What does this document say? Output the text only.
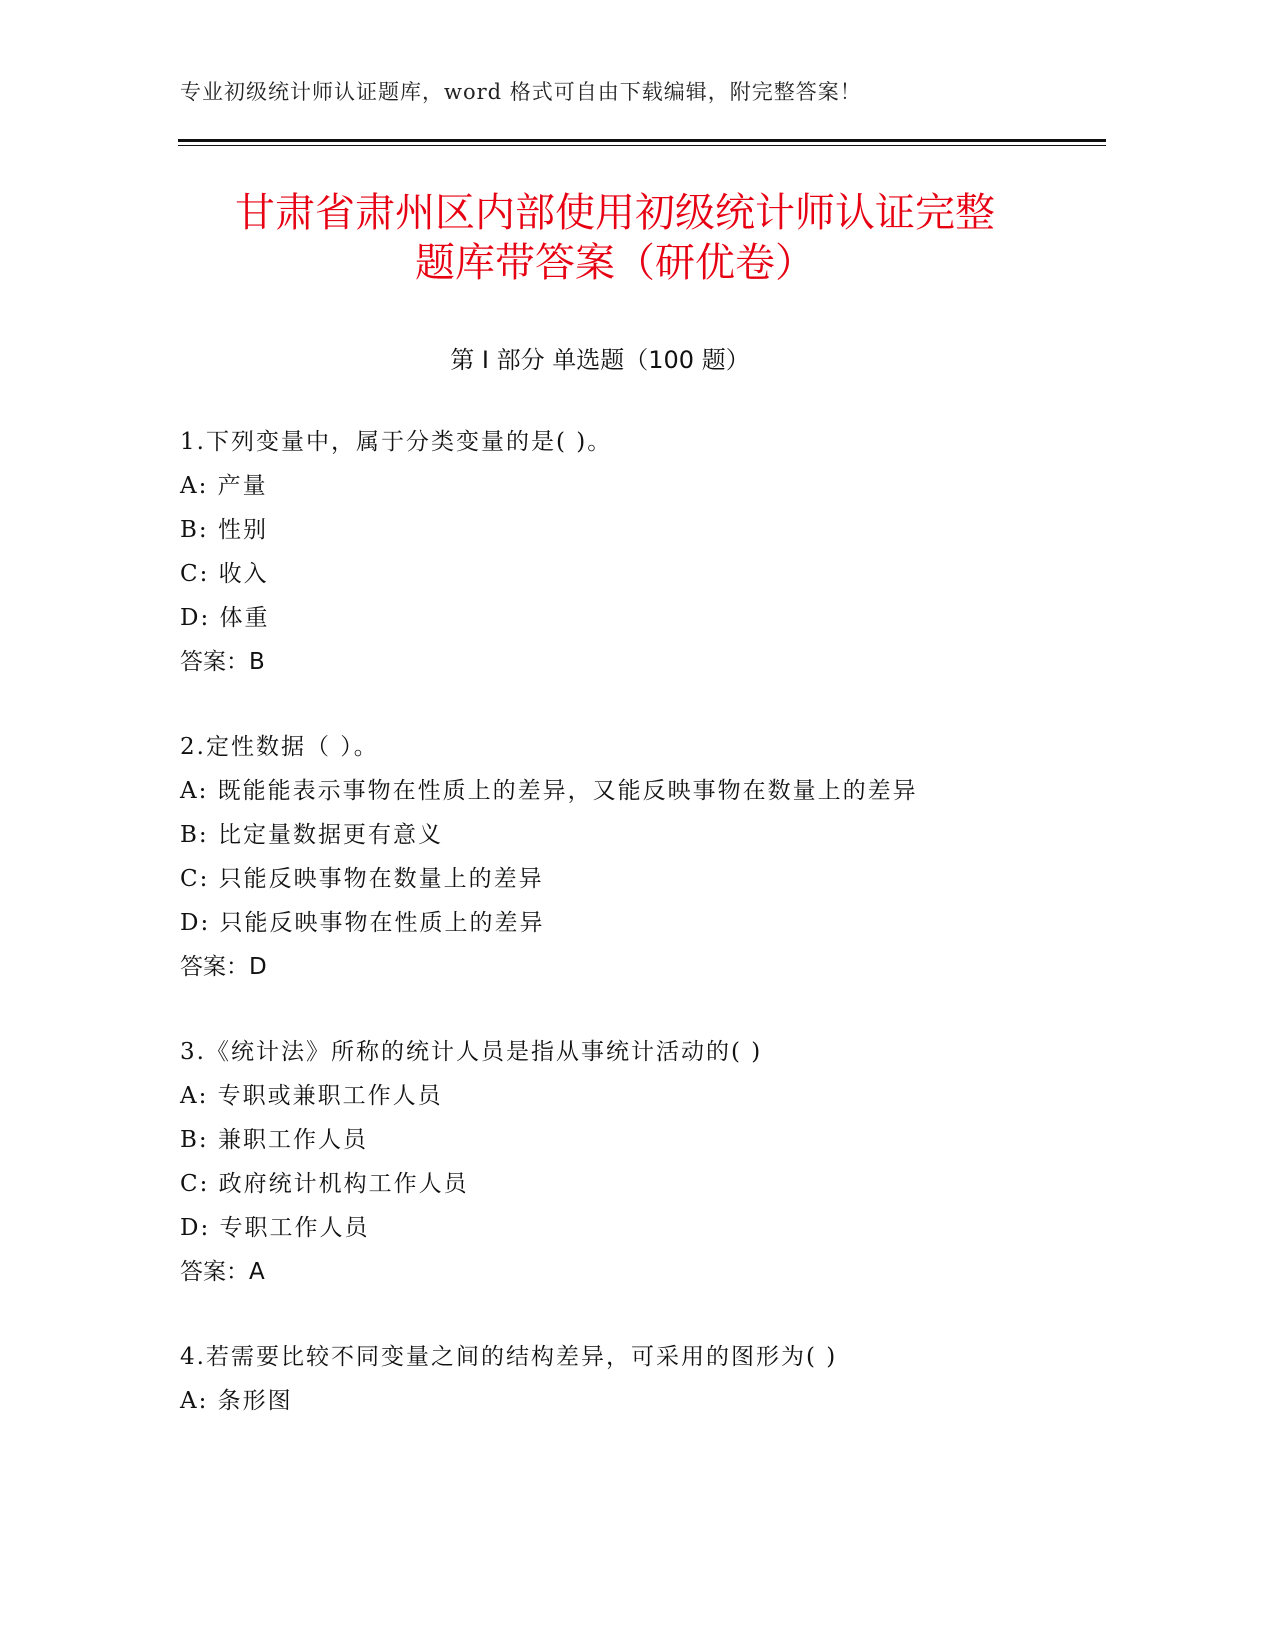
专业初级统计师认证题库，word 格式可自由下载编辑，附完整答案！
甘肃省肃州区内部使用初级统计师认证完整
题库带答案（研优卷）
第 I 部分 单选题（100 题）
1.下列变量中，属于分类变量的是( )。
A: 产量
B: 性别
C: 收入
D: 体重
答案：B
2.定性数据（ ）。
A: 既能能表示事物在性质上的差异，又能反映事物在数量上的差异
B: 比定量数据更有意义
C: 只能反映事物在数量上的差异
D: 只能反映事物在性质上的差异
答案：D
3.《统计法》所称的统计人员是指从事统计活动的( )
A: 专职或兼职工作人员
B: 兼职工作人员
C: 政府统计机构工作人员
D: 专职工作人员
答案：A
4.若需要比较不同变量之间的结构差异，可采用的图形为( )
A: 条形图
